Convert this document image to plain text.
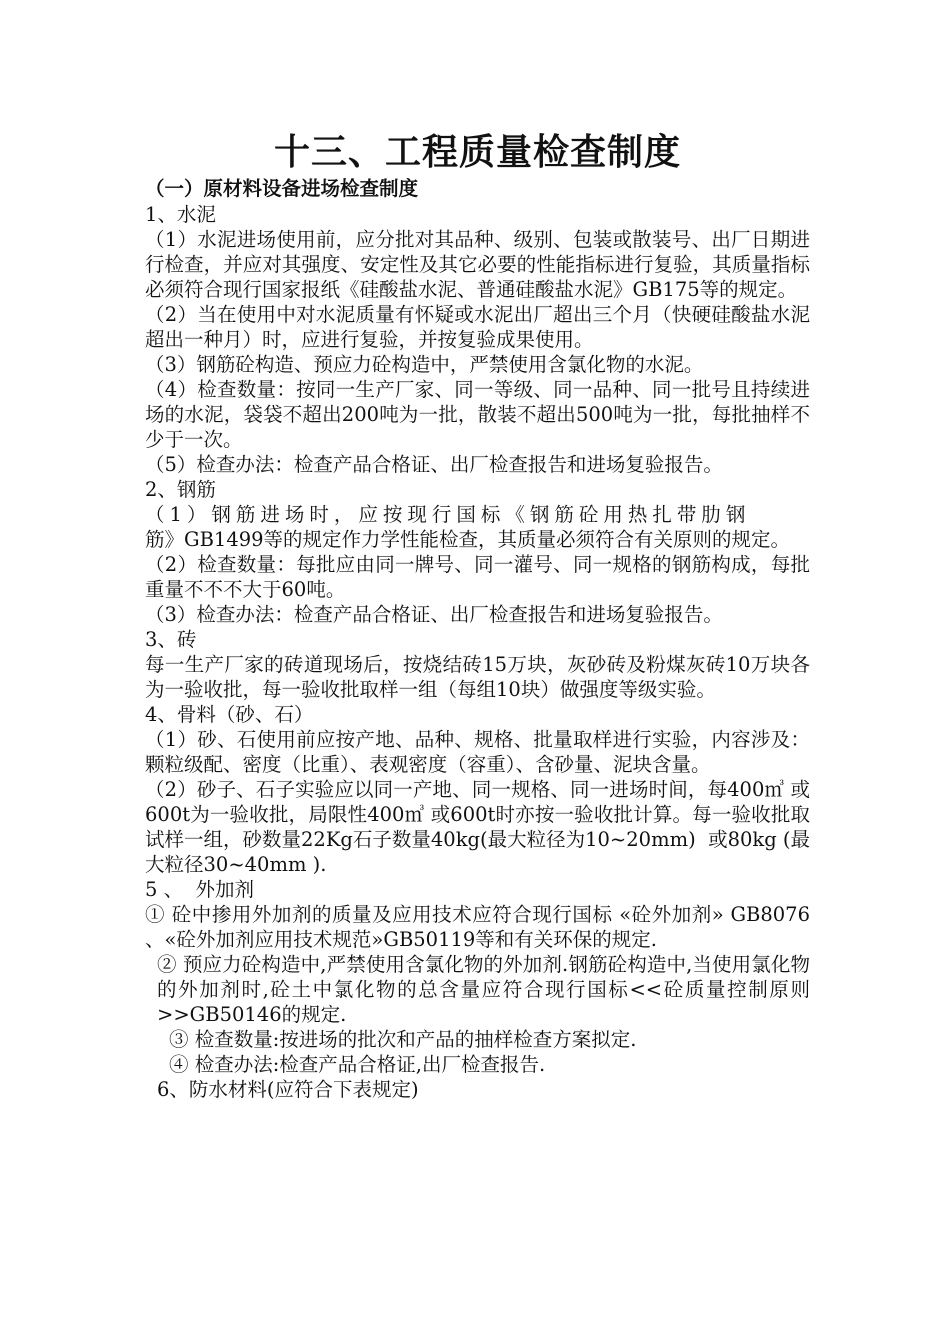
十三、工程质量检查制度
（一）原材料设备进场检查制度
1、水泥
（1）水泥进场使用前，应分批对其品种、级别、包装或散装号、出厂日期进行检查，并应对其强度、安定性及其它必要的性能指标进行复验，其质量指标必须符合现行国家报纸《硅酸盐水泥、普通硅酸盐水泥》GB175等的规定。
（2）当在使用中对水泥质量有怀疑或水泥出厂超出三个月（快硬硅酸盐水泥超出一种月）时，应进行复验，并按复验成果使用。
（3）钢筋砼构造、预应力砼构造中，严禁使用含氯化物的水泥。
（4）检查数量：按同一生产厂家、同一等级、同一品种、同一批号且持续进场的水泥，袋袋不超出200吨为一批，散装不超出500吨为一批，每批抽样不少于一次。
（5）检查办法：检查产品合格证、出厂检查报告和进场复验报告。
2、钢筋
（1）钢筋进场时，应按现行国标《钢筋砼用热扎带肋钢
筋》GB1499等的规定作力学性能检查，其质量必须符合有关原则的规定。
（2）检查数量：每批应由同一牌号、同一灌号、同一规格的钢筋构成，每批重量不不不大于60吨。
（3）检查办法：检查产品合格证、出厂检查报告和进场复验报告。
3、砖
每一生产厂家的砖道现场后，按烧结砖15万块，灰砂砖及粉煤灰砖10万块各为一验收批，每一验收批取样一组（每组10块）做强度等级实验。
4、骨料（砂、石）
（1）砂、石使用前应按产地、品种、规格、批量取样进行实验，内容涉及：颗粒级配、密度（比重）、表观密度（容重）、含砂量、泥块含量。
（2）砂子、石子实验应以同一产地、同一规格、同一进场时间，每400㎥ 或600t为一验收批，局限性400㎥ 或600t时亦按一验收批计算。每一验收批取试样一组，砂数量22Kg石子数量40kg(最大粒径为10~20mm)  或80kg (最大粒径30~40mm ).
5 、  外加剂
① 砼中掺用外加剂的质量及应用技术应符合现行国标 «砼外加剂» GB8076 、«砼外加剂应用技术规范»GB50119等和有关环保的规定.
② 预应力砼构造中,严禁使用含氯化物的外加剂.钢筋砼构造中,当使用氯化物的外加剂时,砼土中氯化物的总含量应符合现行国标<<砼质量控制原则>>GB50146的规定.
③ 检查数量:按进场的批次和产品的抽样检查方案拟定.
④ 检查办法:检查产品合格证,出厂检查报告.
6、防水材料(应符合下表规定)
